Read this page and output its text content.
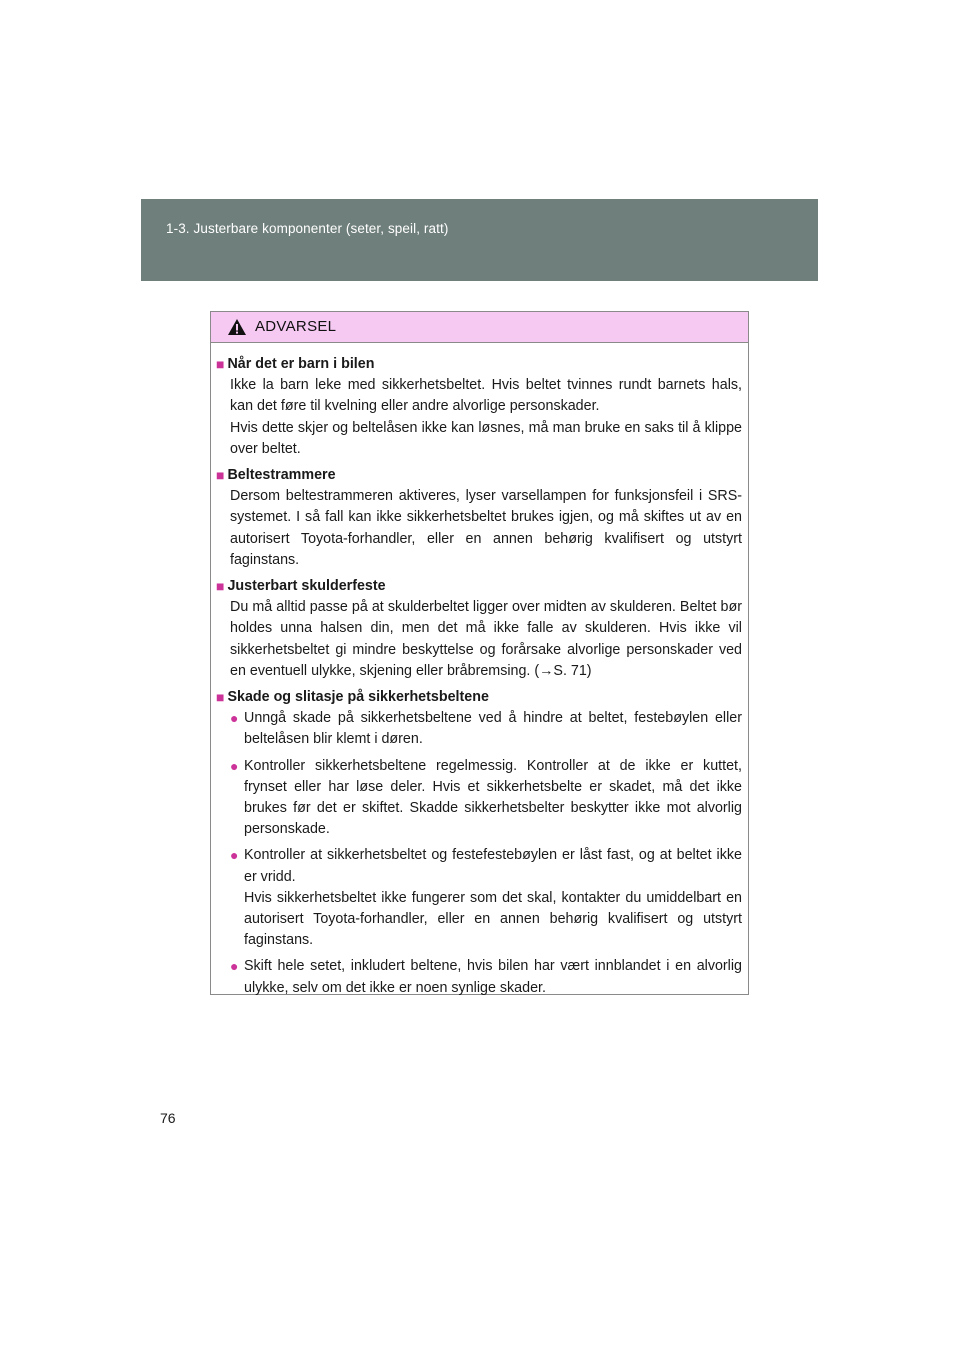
1-3. Justerbare komponenter (seter, speil, ratt)
ADVARSEL
■ Når det er barn i bilen

Ikke la barn leke med sikkerhetsbeltet. Hvis beltet tvinnes rundt barnets hals, kan det føre til kvelning eller andre alvorlige personskader.

Hvis dette skjer og beltelåsen ikke kan løsnes, må man bruke en saks til å klippe over beltet.

■ Beltestrammere

Dersom beltestrammeren aktiveres, lyser varsellampen for funksjonsfeil i SRS-systemet. I så fall kan ikke sikkerhetsbeltet brukes igjen, og må skiftes ut av en autorisert Toyota-forhandler, eller en annen behørig kvalifisert og utstyrt faginstans.

■ Justerbart skulderfeste

Du må alltid passe på at skulderbeltet ligger over midten av skulderen. Beltet bør holdes unna halsen din, men det må ikke falle av skulderen. Hvis ikke vil sikkerhetsbeltet gi mindre beskyttelse og forårsake alvorlige personskader ved en eventuell ulykke, skjening eller bråbremsing. (→S. 71)

■ Skade og slitasje på sikkerhetsbeltene
● Unngå skade på sikkerhetsbeltene ved å hindre at beltet, festebøylen eller beltelåsen blir klemt i døren.

● Kontroller sikkerhetsbeltene regelmessig. Kontroller at de ikke er kuttet, frynset eller har løse deler. Hvis et sikkerhetsbelte er skadet, må det ikke brukes før det er skiftet. Skadde sikkerhetsbelter beskytter ikke mot alvorlig personskade.

● Kontroller at sikkerhetsbeltet og festefestebøylen er låst fast, og at beltet ikke er vridd.

Hvis sikkerhetsbeltet ikke fungerer som det skal, kontakter du umiddelbart en autorisert Toyota-forhandler, eller en annen behørig kvalifisert og utstyrt faginstans.

● Skift hele setet, inkludert beltene, hvis bilen har vært innblandet i en alvorlig ulykke, selv om det ikke er noen synlige skader.

76
